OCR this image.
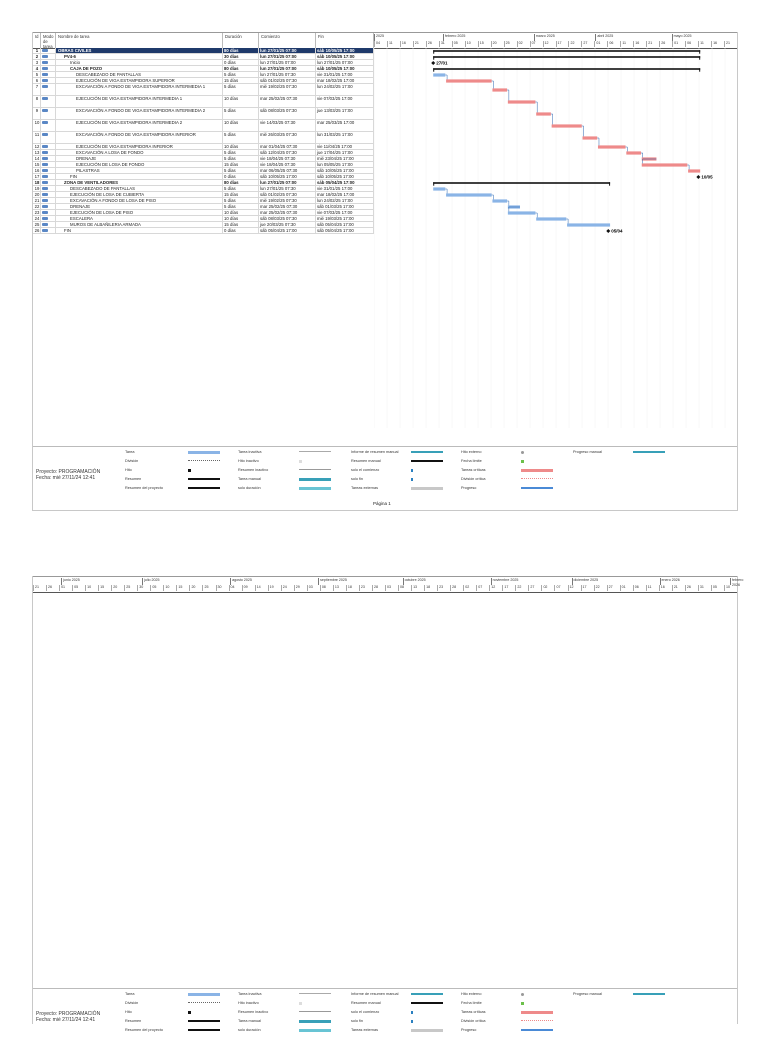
Id	Modo de tarea
Nombre de tarea	Duración	Comienzo	Fin
04	11	16	21	26	31	05	10	15	20	25	02	07	12	17	22	27	01	06	11	16	21	26	01	06	11	16	21
2025	febrero 2025	marzo 2025	abril 2025	mayo 2025
1	OBRAS CIVILES	80 días	lun 27/01/25 07:00	sáb 10/05/25 17:00
2	PV4-6	30 días	lun 27/01/25 07:00	sáb 10/05/25 17:00
3	Inicio	0 días	lun 27/01/25 07:00	lun 27/01/25 07:00
4	CAJA DE POZO	80 días	lun 27/01/25 07:00	sáb 10/05/25 17:00
5	DESCABEZADO DE PANTALLAS	5 días	lun 27/01/25 07:30	vie 31/01/25 17:00
6	EJECUCIÓN DE VIGA ESTAMPIDORA SUPERIOR	15 días	sáb 01/02/25 07:30	mar 18/02/25 17:00
7	EXCAVACIÓN A FONDO DE VIGA ESTAMPIDORA INTERMEDIA 1	5 días	mié 19/02/25 07:30	lun 24/02/25 17:00
8	EJECUCIÓN DE VIGA ESTAMPIDORA INTERMEDIA 1	10 días	mar 25/02/25 07:30	vie 07/03/25 17:00
9	EXCAVACIÓN A FONDO DE VIGA ESTAMPIDORA INTERMEDIA 2	5 días	sáb 08/03/25 07:30	jue 13/03/25 17:00
10	EJECUCIÓN DE VIGA ESTAMPIDORA INTERMEDIA 2	10 días	vie 14/03/25 07:30	mar 25/03/25 17:00
11	EXCAVACIÓN A FONDO DE VIGA ESTAMPIDORA INFERIOR	5 días	mié 26/03/25 07:30	lun 31/03/25 17:00
12	EJECUCIÓN DE VIGA ESTAMPIDORA INFERIOR	10 días	mar 01/04/25 07:30	vie 11/04/25 17:00
13	EXCAVACIÓN A LOSA DE FONDO	5 días	sáb 12/04/25 07:30	jue 17/04/25 17:00
14	DRENAJE	5 días	vie 18/04/25 07:30	mié 23/04/25 17:00
15	EJECUCIÓN DE LOSA DE FONDO	15 días	vie 18/04/25 07:30	lun 05/05/25 17:00
16	PILASTRAS	5 días	mar 06/05/25 07:30	sáb 10/05/25 17:00
17	FIN	0 días	sáb 10/05/25 17:00	sáb 10/05/25 17:00
18	ZONA DE VENTILADORES	80 días	lun 27/01/25 07:00	sáb 05/04/25 17:00
19	DESCABEZADO DE PANTALLAS	5 días	lun 27/01/25 07:30	vie 31/01/25 17:00
20	EJECUCIÓN DE LOSA DE CUBIERTA	15 días	sáb 01/02/25 07:30	mar 18/02/25 17:00
21	EXCAVACIÓN A FONDO DE LOSA DE PISO	5 días	mié 19/02/25 07:30	lun 24/02/25 17:00
22	DRENAJE	5 días	mar 25/02/25 07:30	sáb 01/03/25 17:00
23	EJECUCIÓN DE LOSA DE PISO	10 días	mar 25/02/25 07:30	vie 07/03/25 17:00
24	ESCALERA	10 días	sáb 08/03/25 07:30	mié 19/03/25 17:00
25	MUROS DE ALBAÑILERIA ARMADA	15 días	jue 20/03/25 07:30	sáb 05/04/25 17:00
26	FIN	0 días	sáb 05/04/25 17:00	sáb 05/04/25 17:00
27/01
10/05
05/04
Proyecto: PROGRAMACIÓN
Fecha: mié 27/11/24 12:41
Tarea
División
Hito
Resumen
Resumen del proyecto
Tarea inactiva
Hito inactivo
Resumen inactivo
Tarea manual
solo duración
Informe de resumen manual
Resumen manual
solo el comienzo
solo fin
Tareas externas
Hito externo
Fecha límite
Tareas críticas
División crítica
Progreso
Progreso manual
Página 1
21	26	01	05	10	15	20	25	30	05	10	15	20	25	30	04	09	14	19	24	29	03	08	13	18	23	28	03	08	13	18	23	28	02	07	12	17	22	27	02	07	12	17	22	27	01	06	11	16	21	26	31	05	10
junio 2025	julio 2025	agosto 2025	septiembre 2025	octubre 2025	noviembre 2025	diciembre 2025	enero 2026	febrero 2026
Proyecto: PROGRAMACIÓN
Fecha: mié 27/11/24 12:41
Tarea
División
Hito
Resumen
Resumen del proyecto
Tarea inactiva
Hito inactivo
Resumen inactivo
Tarea manual
solo duración
Informe de resumen manual
Resumen manual
solo el comienzo
solo fin
Tareas externas
Hito externo
Fecha límite
Tareas críticas
División crítica
Progreso
Progreso manual
